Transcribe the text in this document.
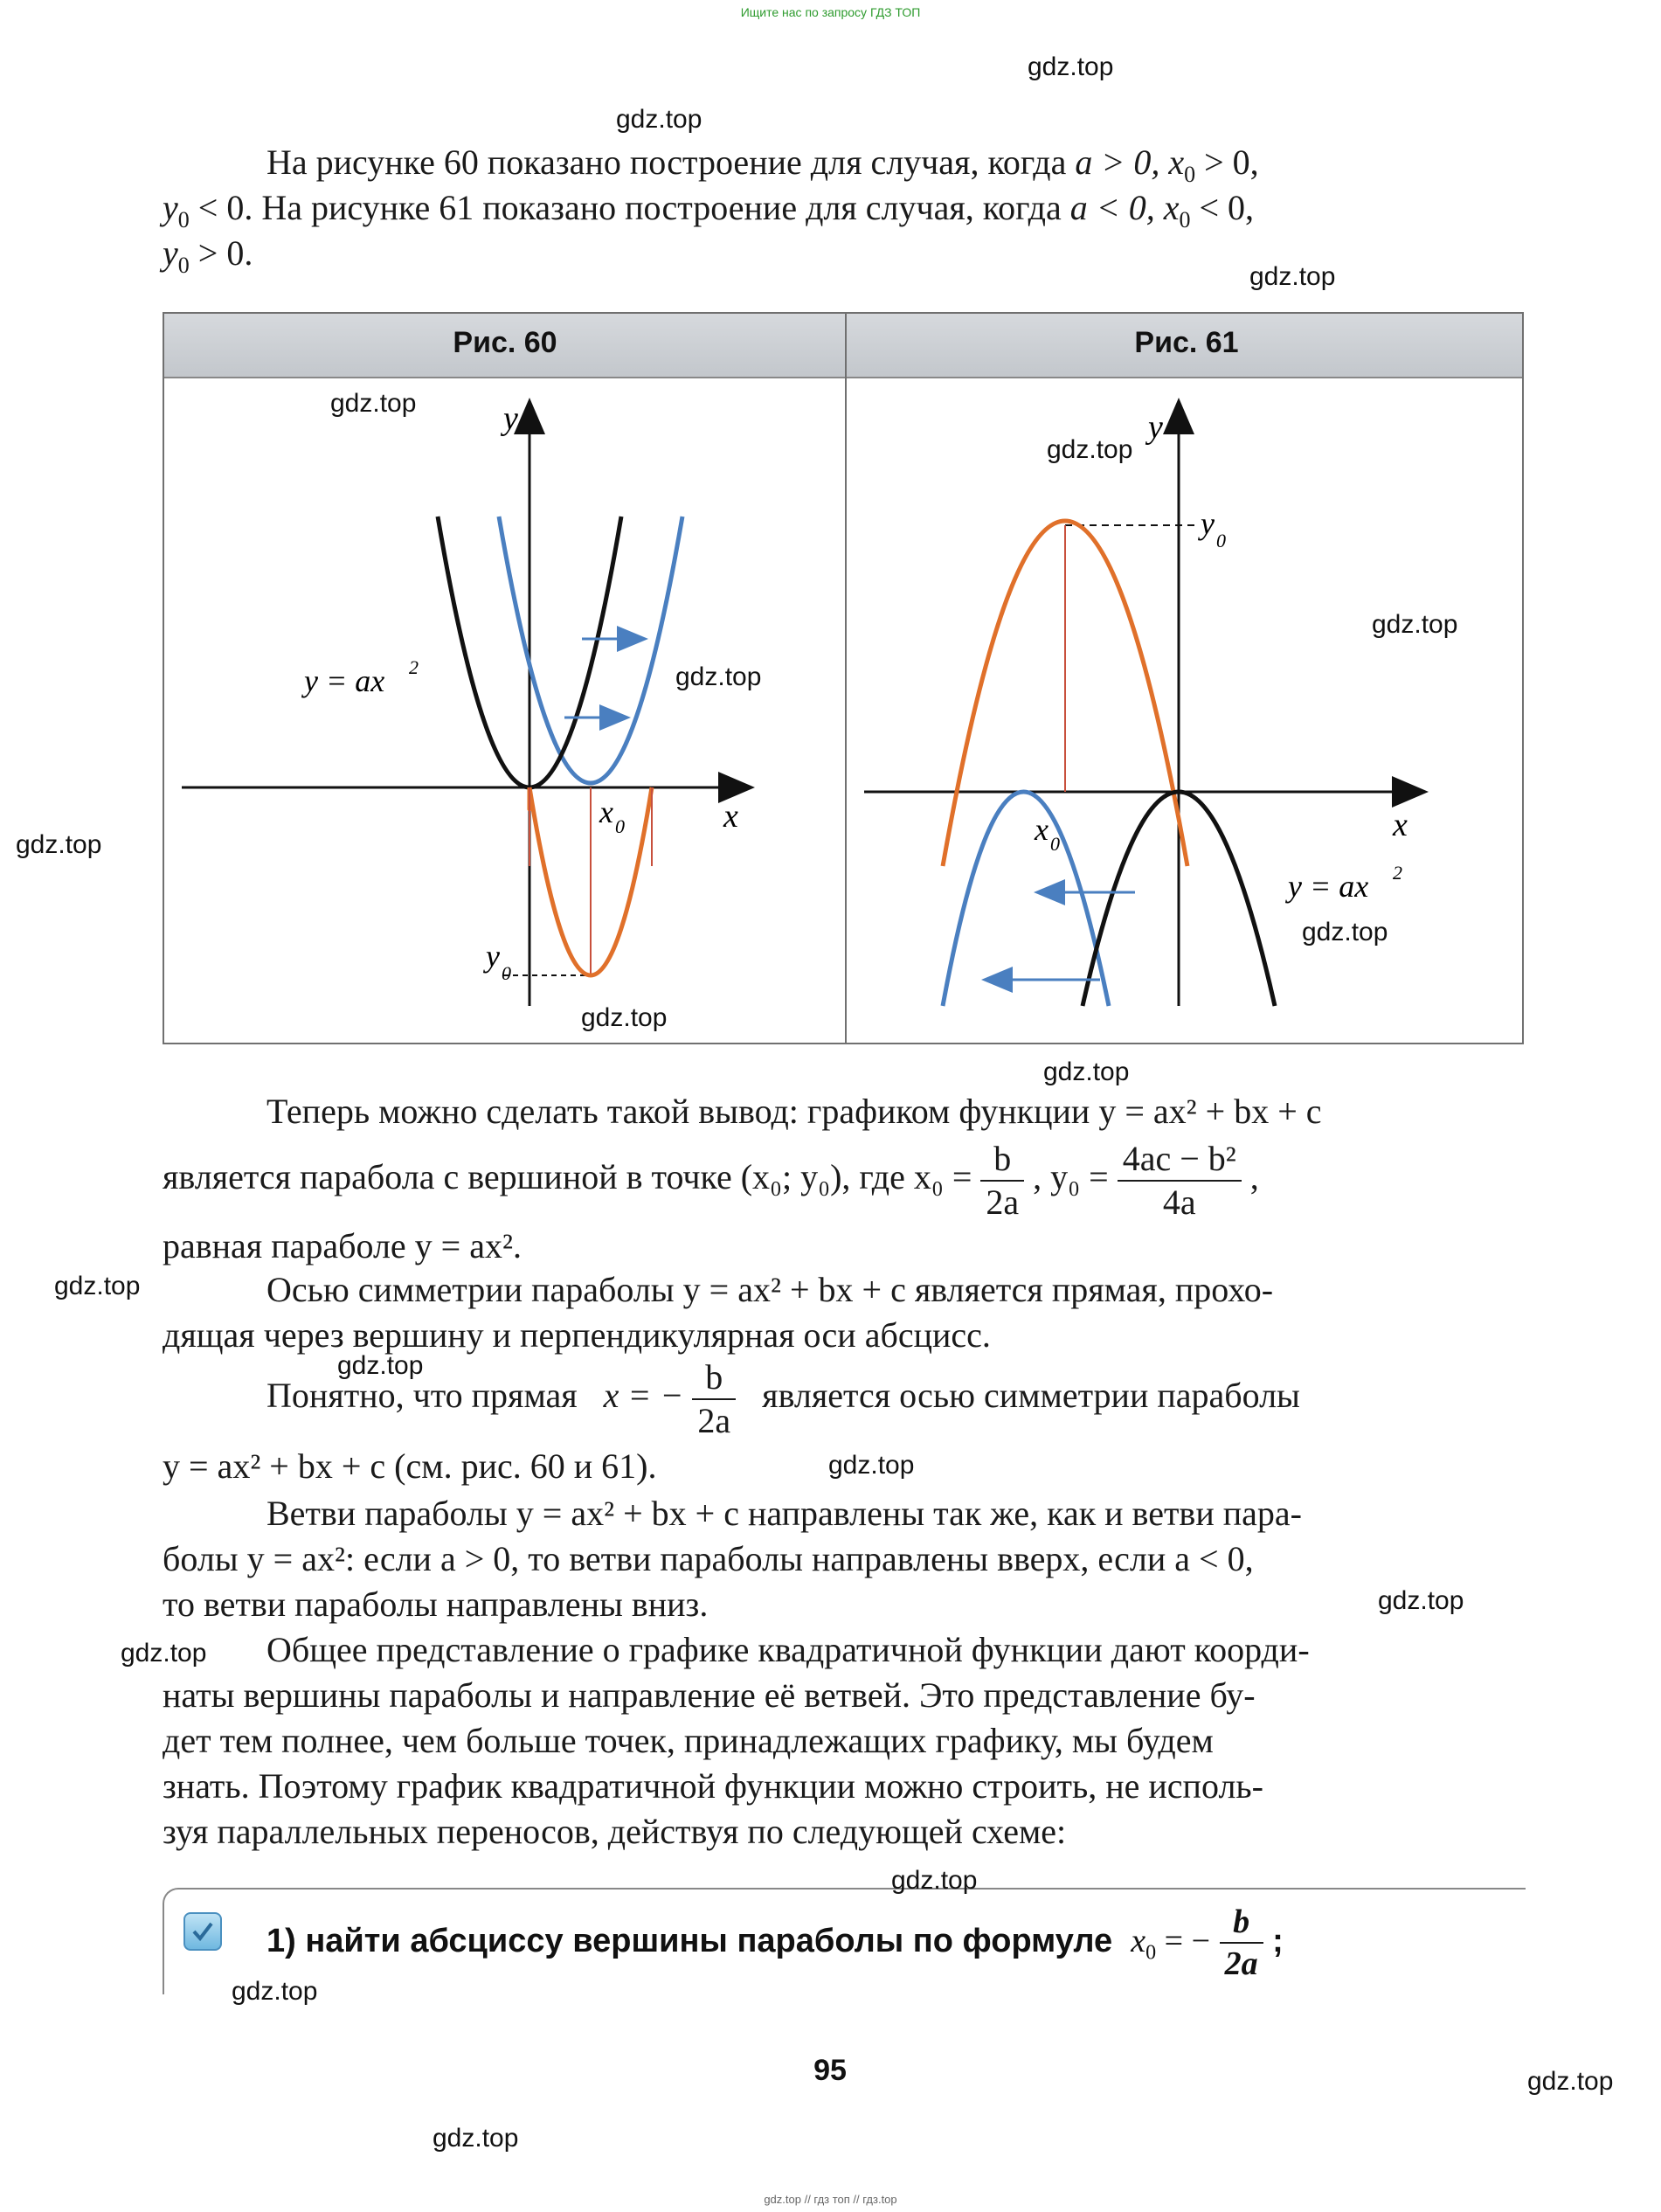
Ищите нас по запросу ГДЗ ТОП
На рисунке 60 показано построение для случая, когда a > 0, $x_0 > 0$,
$y_0 < 0$. На рисунке 61 показано построение для случая, когда a < 0, $x_0 < 0$,
$y_0 > 0$.
Рис. 60	Рис. 61
y
x
x 0
y 0
y = ax 2
y
x
x 0
y 0
y = ax 2
Теперь можно сделать такой вывод: графиком функции y = ax² + bx + c
является парабола с вершиной в точке (x₀; y₀), где $x_0 = \frac{b}{2a}$ , $y_0 = \frac{\text{4ac − b²}}{4a}$ ,
равная параболе y = ax².
Осью симметрии параболы y = ax² + bx + c является прямая, прохо-
дящая через вершину и перпендикулярная оси абсцисс.
Понятно, что прямая x = − $\frac{b}{2a}$ является осью симметрии параболы
y = ax² + bx + c (см. рис. 60 и 61).
Ветви параболы y = ax² + bx + c направлены так же, как и ветви пара-
болы y = ax²: если a > 0, то ветви параболы направлены вверх, если a < 0,
то ветви параболы направлены вниз.
Общее представление о графике квадратичной функции дают коорди-
наты вершины параболы и направление её ветвей. Это представление бу-
дет тем полнее, чем больше точек, принадлежащих графику, мы будем
знать. Поэтому график квадратичной функции можно строить, не исполь-
зуя параллельных переносов, действуя по следующей схеме:
1) найти абсциссу вершины параболы по формуле $x_0$ = − $\frac{b}{2a}$ ;
95
gdz.top
gdz.top
gdz.top
gdz.top
gdz.top
gdz.top
gdz.top
gdz.top
gdz.top
gdz.top
gdz.top
gdz.top
gdz.top
gdz.top
gdz.top
gdz.top
gdz.top
gdz.top
gdz.top
gdz.top
gdz.top // гдз топ // гдз.top
